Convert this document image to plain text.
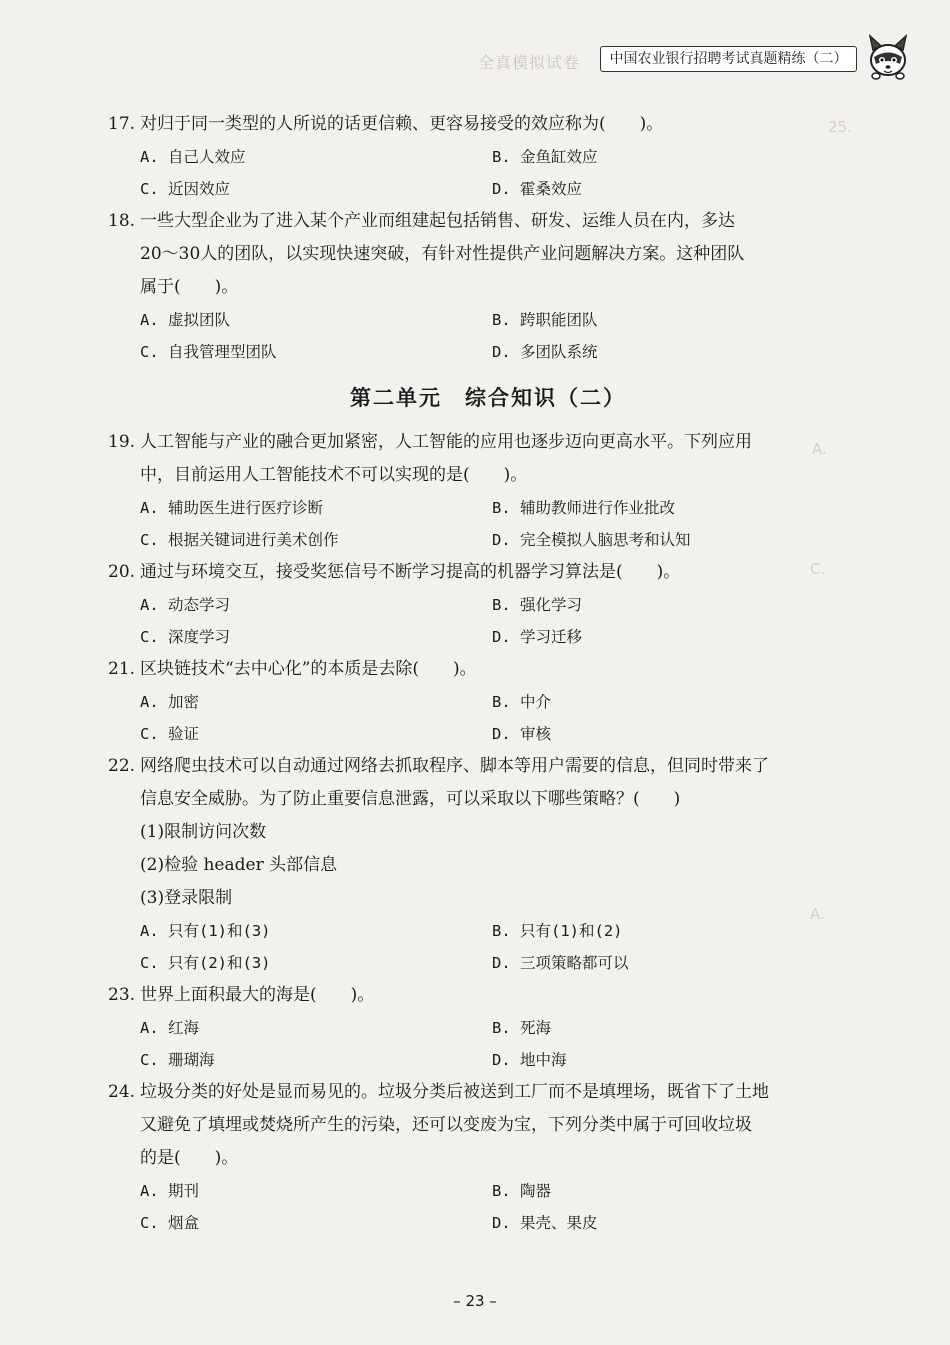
全真模拟试卷	中国农业银行招聘考试真题精练（二）
25.
A.
C.
A.

17. 对归于同一类型的人所说的话更信赖、更容易接受的效应称为(　　)。

A. 自己人效应	B. 金鱼缸效应
C. 近因效应	D. 霍桑效应

18. 一些大型企业为了进入某个产业而组建起包括销售、研发、运维人员在内，多达

20～30人的团队，以实现快速突破，有针对性提供产业问题解决方案。这种团队

属于(　　)。

A. 虚拟团队	B. 跨职能团队
C. 自我管理型团队	D. 多团队系统
第二单元　综合知识（二）

19. 人工智能与产业的融合更加紧密，人工智能的应用也逐步迈向更高水平。下列应用

中，目前运用人工智能技术不可以实现的是(　　)。

A. 辅助医生进行医疗诊断	B. 辅助教师进行作业批改
C. 根据关键词进行美术创作	D. 完全模拟人脑思考和认知

20. 通过与环境交互，接受奖惩信号不断学习提高的机器学习算法是(　　)。

A. 动态学习	B. 强化学习
C. 深度学习	D. 学习迁移

21. 区块链技术“去中心化”的本质是去除(　　)。

A. 加密	B. 中介
C. 验证	D. 审核

22. 网络爬虫技术可以自动通过网络去抓取程序、脚本等用户需要的信息，但同时带来了

信息安全威胁。为了防止重要信息泄露，可以采取以下哪些策略？(　　)

(1)限制访问次数

(2)检验 header 头部信息

(3)登录限制

A. 只有(1)和(3)	B. 只有(1)和(2)
C. 只有(2)和(3)	D. 三项策略都可以

23. 世界上面积最大的海是(　　)。

A. 红海	B. 死海
C. 珊瑚海	D. 地中海

24. 垃圾分类的好处是显而易见的。垃圾分类后被送到工厂而不是填埋场，既省下了土地

又避免了填埋或焚烧所产生的污染，还可以变废为宝，下列分类中属于可回收垃圾

的是(　　)。

A. 期刊	B. 陶器
C. 烟盒	D. 果壳、果皮
– 23 –
